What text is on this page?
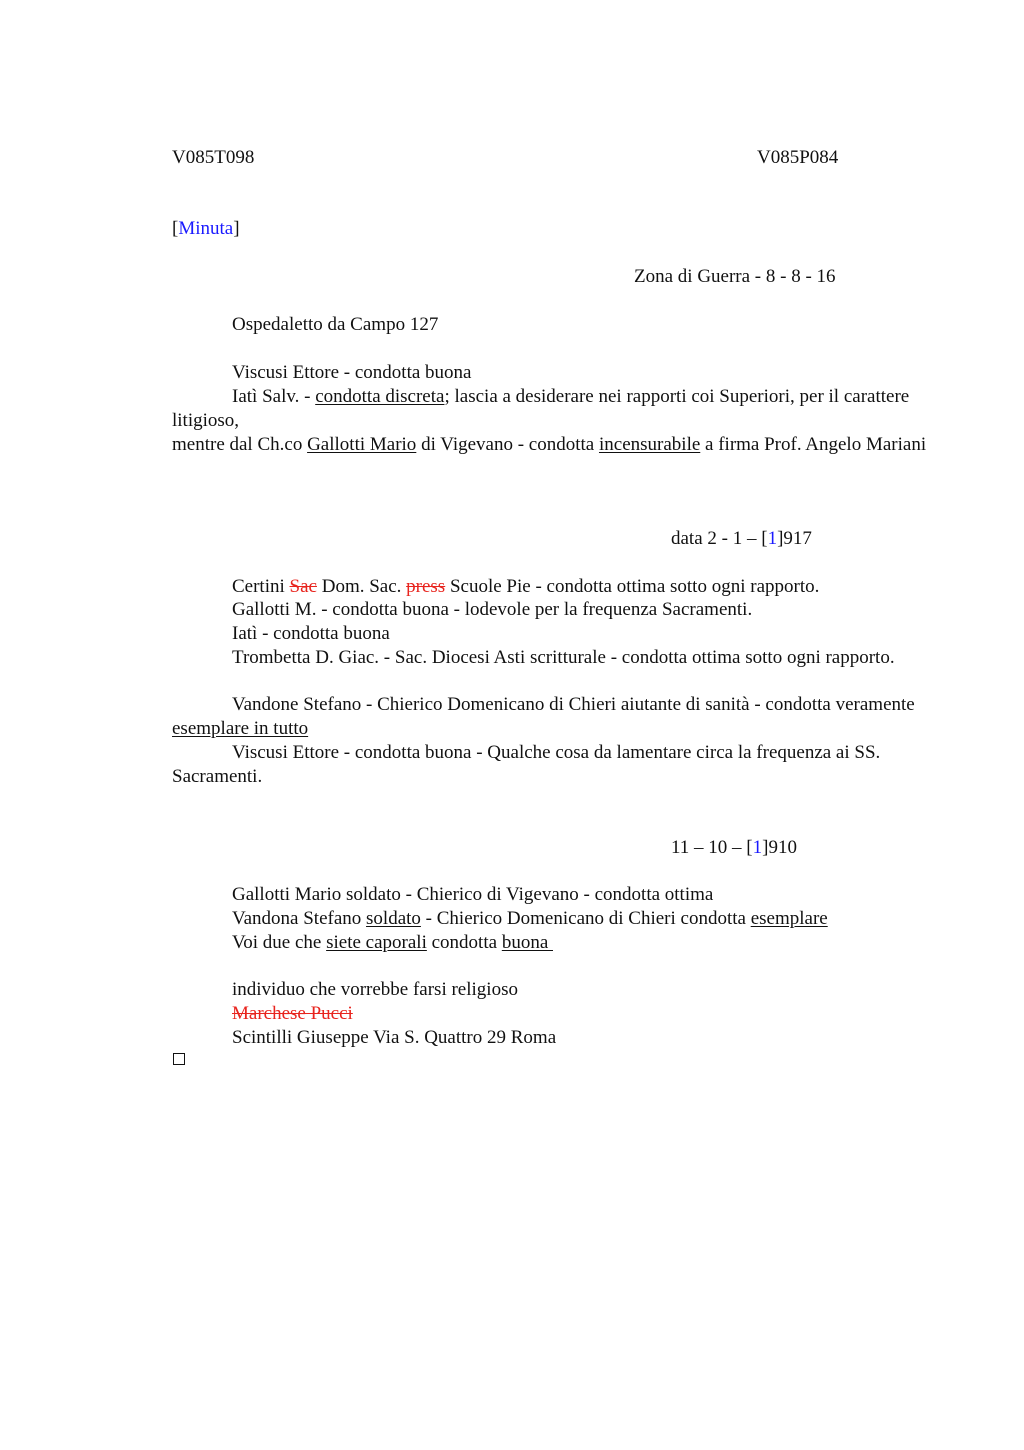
V085T098	V085P084
[Minuta]
Zona di Guerra - 8 - 8 - 16
Ospedaletto da Campo 127
Viscusi Ettore - condotta buona
Iatì Salv. - condotta discreta; lascia a desiderare nei rapporti coi Superiori, per il carattere litigioso,
mentre dal Ch.co Gallotti Mario di Vigevano - condotta incensurabile a firma Prof. Angelo Mariani
data 2 - 1 – [1]917
Certini Sac Dom. Sac. press Scuole Pie - condotta ottima sotto ogni rapporto.
Gallotti M. - condotta buona - lodevole per la frequenza Sacramenti.
Iatì - condotta buona
Trombetta D. Giac. - Sac. Diocesi Asti scritturale - condotta ottima sotto ogni rapporto.
Vandone Stefano - Chierico Domenicano di Chieri aiutante di sanità - condotta veramente esemplare in tutto
Viscusi Ettore - condotta buona - Qualche cosa da lamentare circa la frequenza ai SS. Sacramenti.
11 – 10 – [1]910
Gallotti Mario soldato - Chierico di Vigevano - condotta ottima
Vandona Stefano soldato - Chierico Domenicano di Chieri condotta esemplare
Voi due che siete caporali condotta buona
individuo che vorrebbe farsi religioso
Marchese Pucci
Scintilli Giuseppe Via S. Quattro 29 Roma
